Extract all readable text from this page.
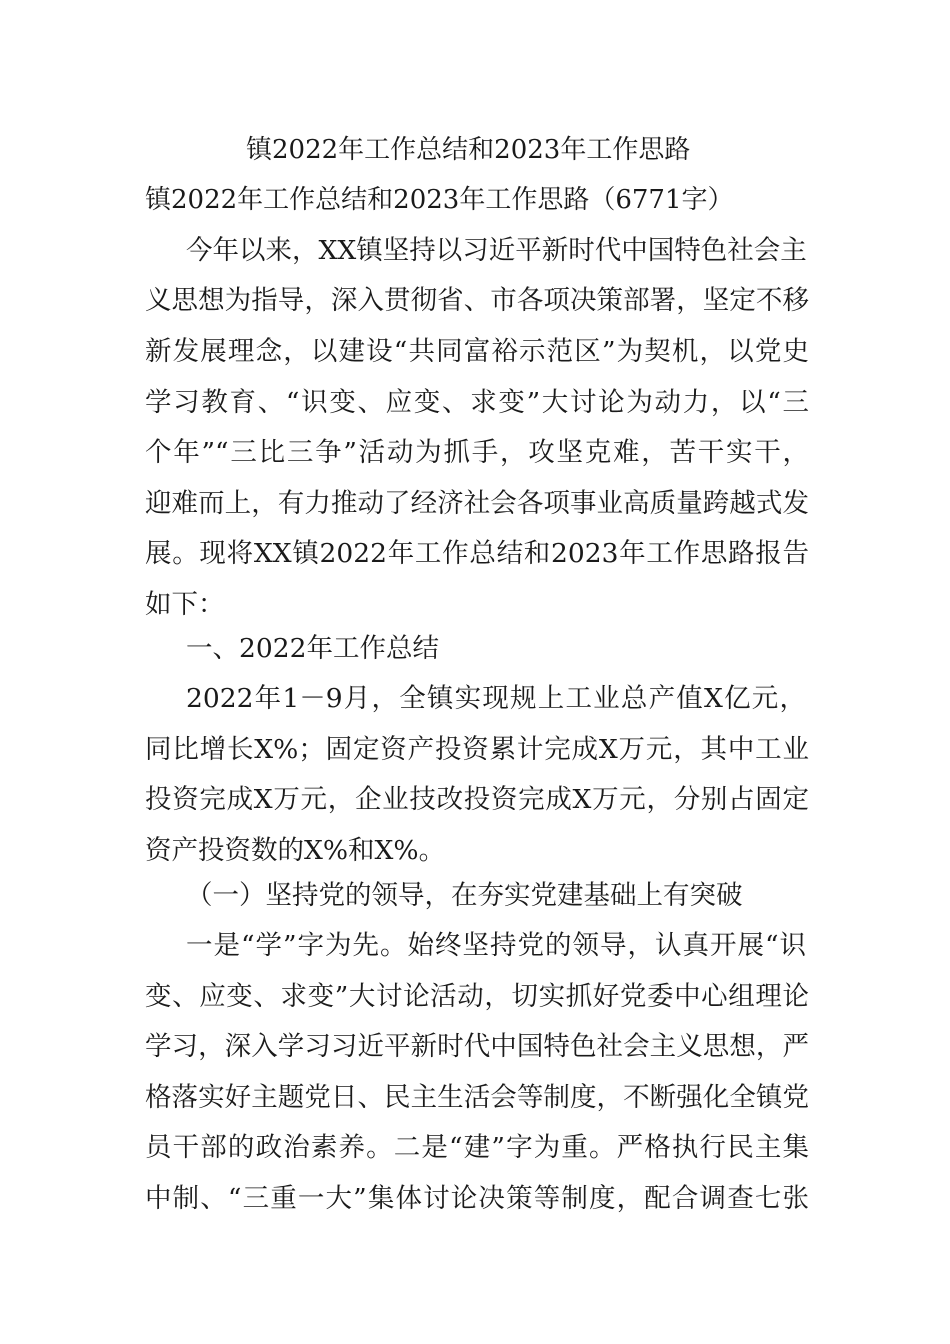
镇2022年工作总结和2023年工作思路
镇2022年工作总结和2023年工作思路（6771字）
今年以来，XX镇坚持以习近平新时代中国特色社会主
义思想为指导，深入贯彻省、市各项决策部署，坚定不移
新发展理念，以建设“共同富裕示范区”为契机，以党史
学习教育、“识变、应变、求变”大讨论为动力，以“三
个年”“三比三争”活动为抓手，攻坚克难，苦干实干，
迎难而上，有力推动了经济社会各项事业高质量跨越式发
展。现将XX镇2022年工作总结和2023年工作思路报告
如下：
一、2022年工作总结
2022年1－9月，全镇实现规上工业总产值X亿元，
同比增长X%；固定资产投资累计完成X万元，其中工业
投资完成X万元，企业技改投资完成X万元，分别占固定
资产投资数的X%和X%。
（一）坚持党的领导，在夯实党建基础上有突破
一是“学”字为先。始终坚持党的领导，认真开展“识
变、应变、求变”大讨论活动，切实抓好党委中心组理论
学习，深入学习习近平新时代中国特色社会主义思想，严
格落实好主题党日、民主生活会等制度，不断强化全镇党
员干部的政治素养。二是“建”字为重。严格执行民主集
中制、“三重一大”集体讨论决策等制度，配合调查七张
